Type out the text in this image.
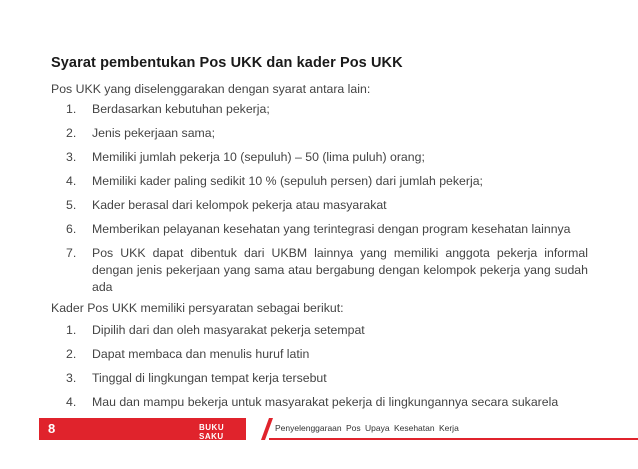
Syarat pembentukan Pos UKK dan kader Pos UKK
Pos UKK yang diselenggarakan dengan syarat antara lain:
1.	Berdasarkan kebutuhan pekerja;
2.	Jenis pekerjaan sama;
3.	Memiliki jumlah pekerja 10 (sepuluh) – 50 (lima puluh) orang;
4.	Memiliki kader paling sedikit 10 % (sepuluh persen) dari jumlah pekerja;
5.	Kader berasal dari kelompok pekerja atau masyarakat
6.	Memberikan pelayanan kesehatan yang terintegrasi dengan program kesehatan lainnya
7.	Pos UKK dapat dibentuk dari UKBM lainnya yang memiliki anggota pekerja informal dengan jenis pekerjaan yang sama atau bergabung dengan kelompok pekerja yang sudah ada
Kader Pos UKK memiliki persyaratan sebagai berikut:
1.	Dipilih dari dan oleh masyarakat pekerja setempat
2.	Dapat membaca dan menulis huruf latin
3.	Tinggal di lingkungan tempat kerja tersebut
4.	Mau dan mampu bekerja untuk masyarakat pekerja di lingkungannya secara sukarela
8	BUKU SAKU
Penyelenggaraan Pos Upaya Kesehatan Kerja
